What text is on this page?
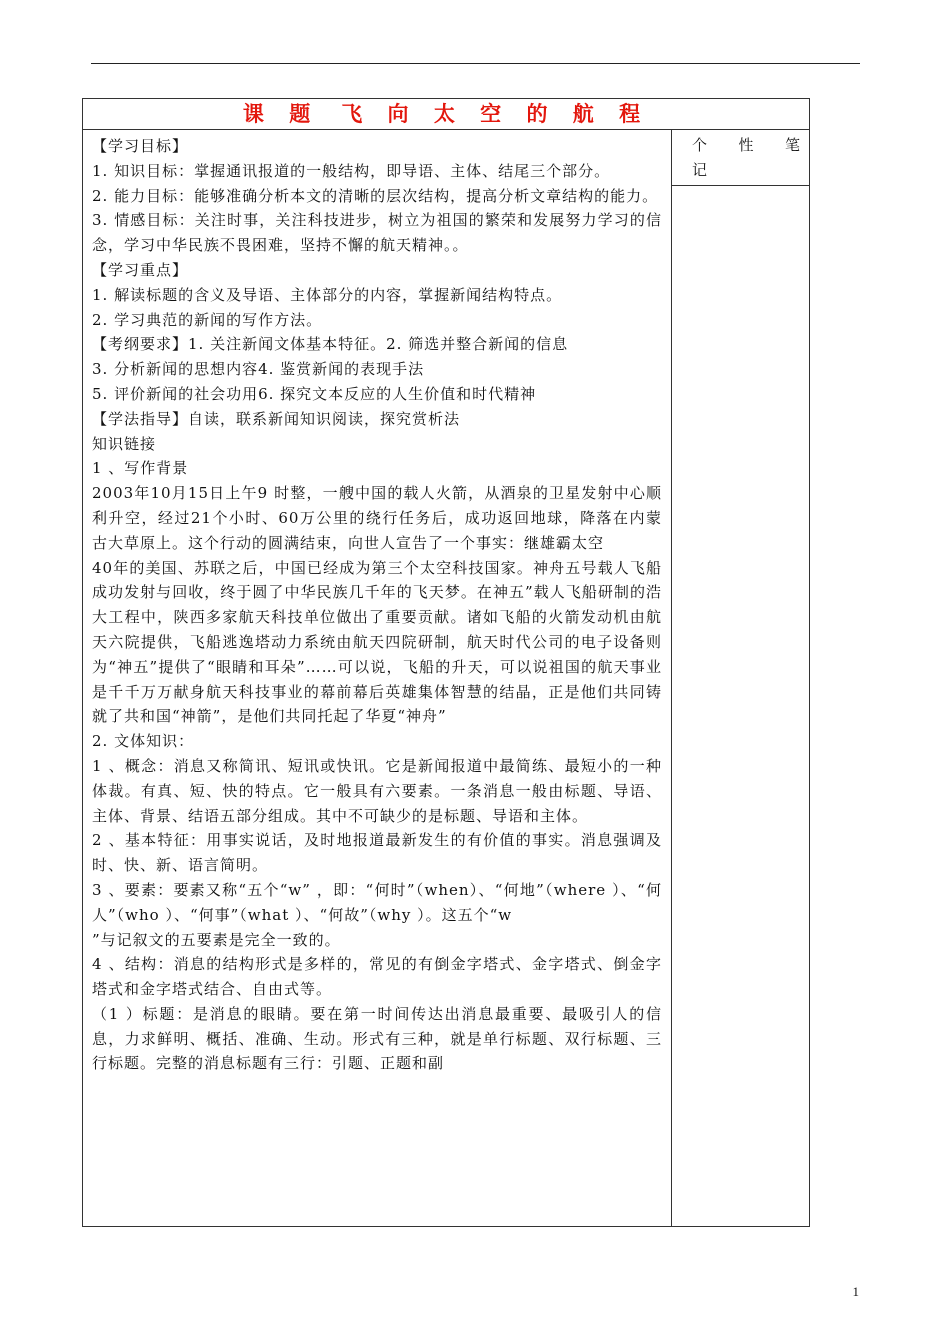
课 题 飞 向 太 空 的 航 程

【学习目标】

1. 知识目标：掌握通讯报道的一般结构，即导语、主体、结尾三个部分。

2. 能力目标：能够准确分析本文的清晰的层次结构，提高分析文章结构的能力。

3. 情感目标：关注时事，关注科技进步，树立为祖国的繁荣和发展努力学习的信念，学习中华民族不畏困难，坚持不懈的航天精神。。

【学习重点】

1. 解读标题的含义及导语、主体部分的内容，掌握新闻结构特点。

2. 学习典范的新闻的写作方法。

【考纲要求】1. 关注新闻文体基本特征。2. 筛选并整合新闻的信息

3. 分析新闻的思想内容4. 鉴赏新闻的表现手法

5. 评价新闻的社会功用6. 探究文本反应的人生价值和时代精神

【学法指导】自读，联系新闻知识阅读，探究赏析法

知识链接

1 、写作背景

2003年10月15日上午9 时整，一艘中国的载人火箭，从酒泉的卫星发射中心顺利升空，经过21个小时、60万公里的绕行任务后，成功返回地球，降落在内蒙古大草原上。这个行动的圆满结束，向世人宣告了一个事实：继雄霸太空

40年的美国、苏联之后，中国已经成为第三个太空科技国家。神舟五号载人飞船成功发射与回收，终于圆了中华民族几千年的飞天梦。在神五”载人飞船研制的浩大工程中，陕西多家航天科技单位做出了重要贡献。诸如飞船的火箭发动机由航天六院提供，飞船逃逸塔动力系统由航天四院研制，航天时代公司的电子设备则为“神五”提供了“眼睛和耳朵”……可以说，飞船的升天，可以说祖国的航天事业是千千万万献身航天科技事业的幕前幕后英雄集体智慧的结晶，正是他们共同铸就了共和国“神箭”，是他们共同托起了华夏“神舟”

2. 文体知识：

1 、概念：消息又称简讯、短讯或快讯。它是新闻报道中最简练、最短小的一种体裁。有真、短、快的特点。它一般具有六要素。一条消息一般由标题、导语、主体、背景、结语五部分组成。其中不可缺少的是标题、导语和主体。

2 、基本特征：用事实说话，及时地报道最新发生的有价值的事实。消息强调及时、快、新、语言简明。

3 、要素：要素又称“五个“w” ，即：“何时”（when）、“何地”（where ）、“何人”（who ）、“何事”（what ）、“何故”（why ）。这五个“w

”与记叙文的五要素是完全一致的。

4 、结构：消息的结构形式是多样的，常见的有倒金字塔式、金字塔式、倒金字塔式和金字塔式结合、自由式等。

（1 ）标题：是消息的眼睛。要在第一时间传达出消息最重要、最吸引人的信息，力求鲜明、概括、准确、生动。形式有三种，就是单行标题、双行标题、三行标题。完整的消息标题有三行：引题、正题和副

个 性 笔
记
1
